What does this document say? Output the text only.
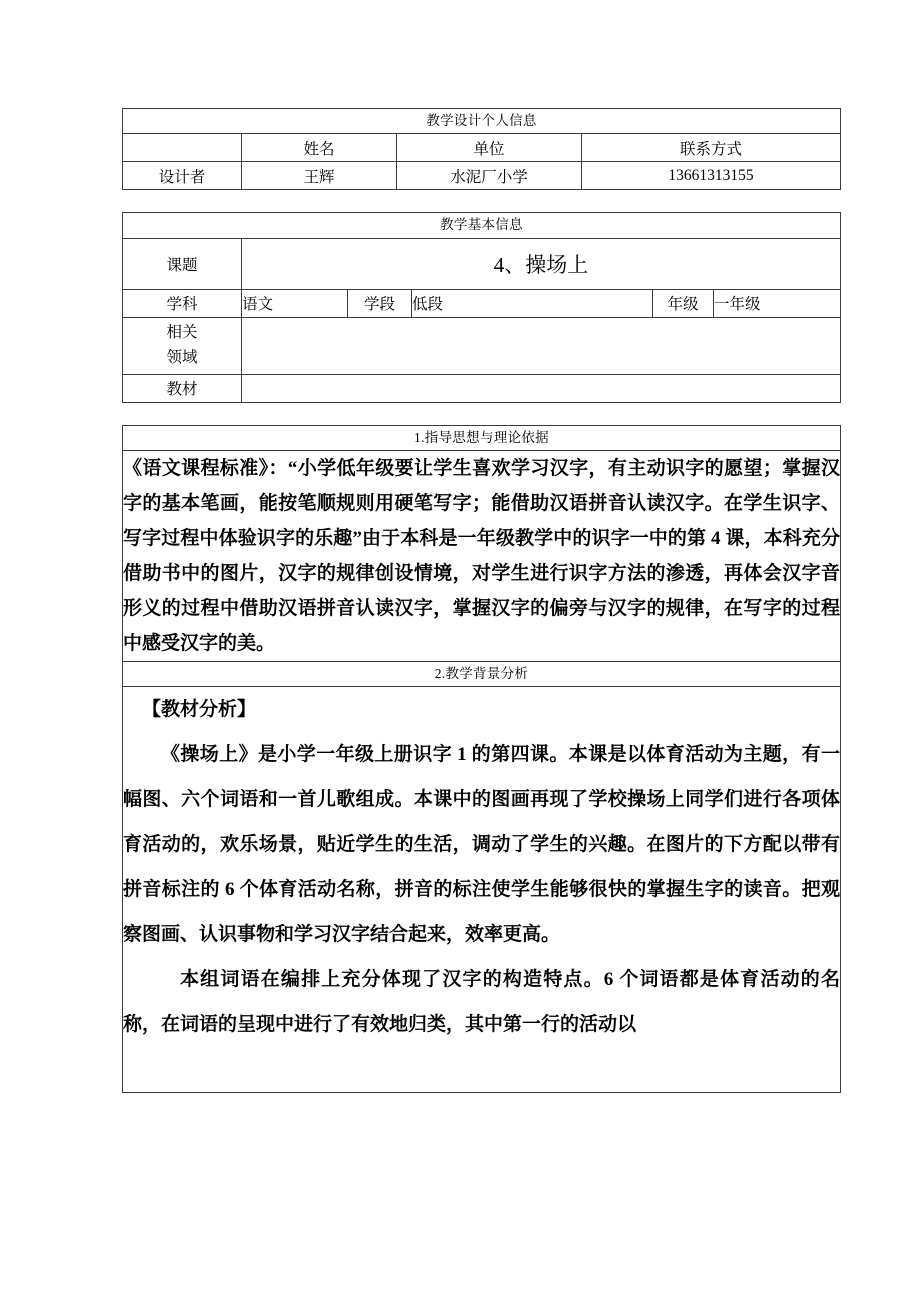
教学设计个人信息			
	姓名	单位	联系方式
设计者	王辉	水泥厂小学	13661313155
教学基本信息					
课题	4、操场上				
学科	语文	学段	低段	年级	一年级

相关
领域					

教材					
1.指导思想与理论依据

《语文课程标准》：“小学低年级要让学生喜欢学习汉字，有主动识字的愿望；掌握汉字的基本笔画，能按笔顺规则用硬笔写字；能借助汉语拼音认读汉字。在学生识字、写字过程中体验识字的乐趣”由于本科是一年级教学中的识字一中的第 4 课，本科充分借助书中的图片，汉字的规律创设情境，对学生进行识字方法的渗透，再体会汉字音形义的过程中借助汉语拼音认读汉字，掌握汉字的偏旁与汉字的规律，在写字的过程中感受汉字的美。

2.教学背景分析

【教材分析】

《操场上》是小学一年级上册识字 1 的第四课。本课是以体育活动为主题，有一幅图、六个词语和一首儿歌组成。本课中的图画再现了学校操场上同学们进行各项体育活动的，欢乐场景，贴近学生的生活，调动了学生的兴趣。在图片的下方配以带有拼音标注的 6 个体育活动名称，拼音的标注使学生能够很快的掌握生字的读音。把观察图画、认识事物和学习汉字结合起来，效率更高。

本组词语在编排上充分体现了汉字的构造特点。6 个词语都是体育活动的名称，在词语的呈现中进行了有效地归类，其中第一行的活动以
